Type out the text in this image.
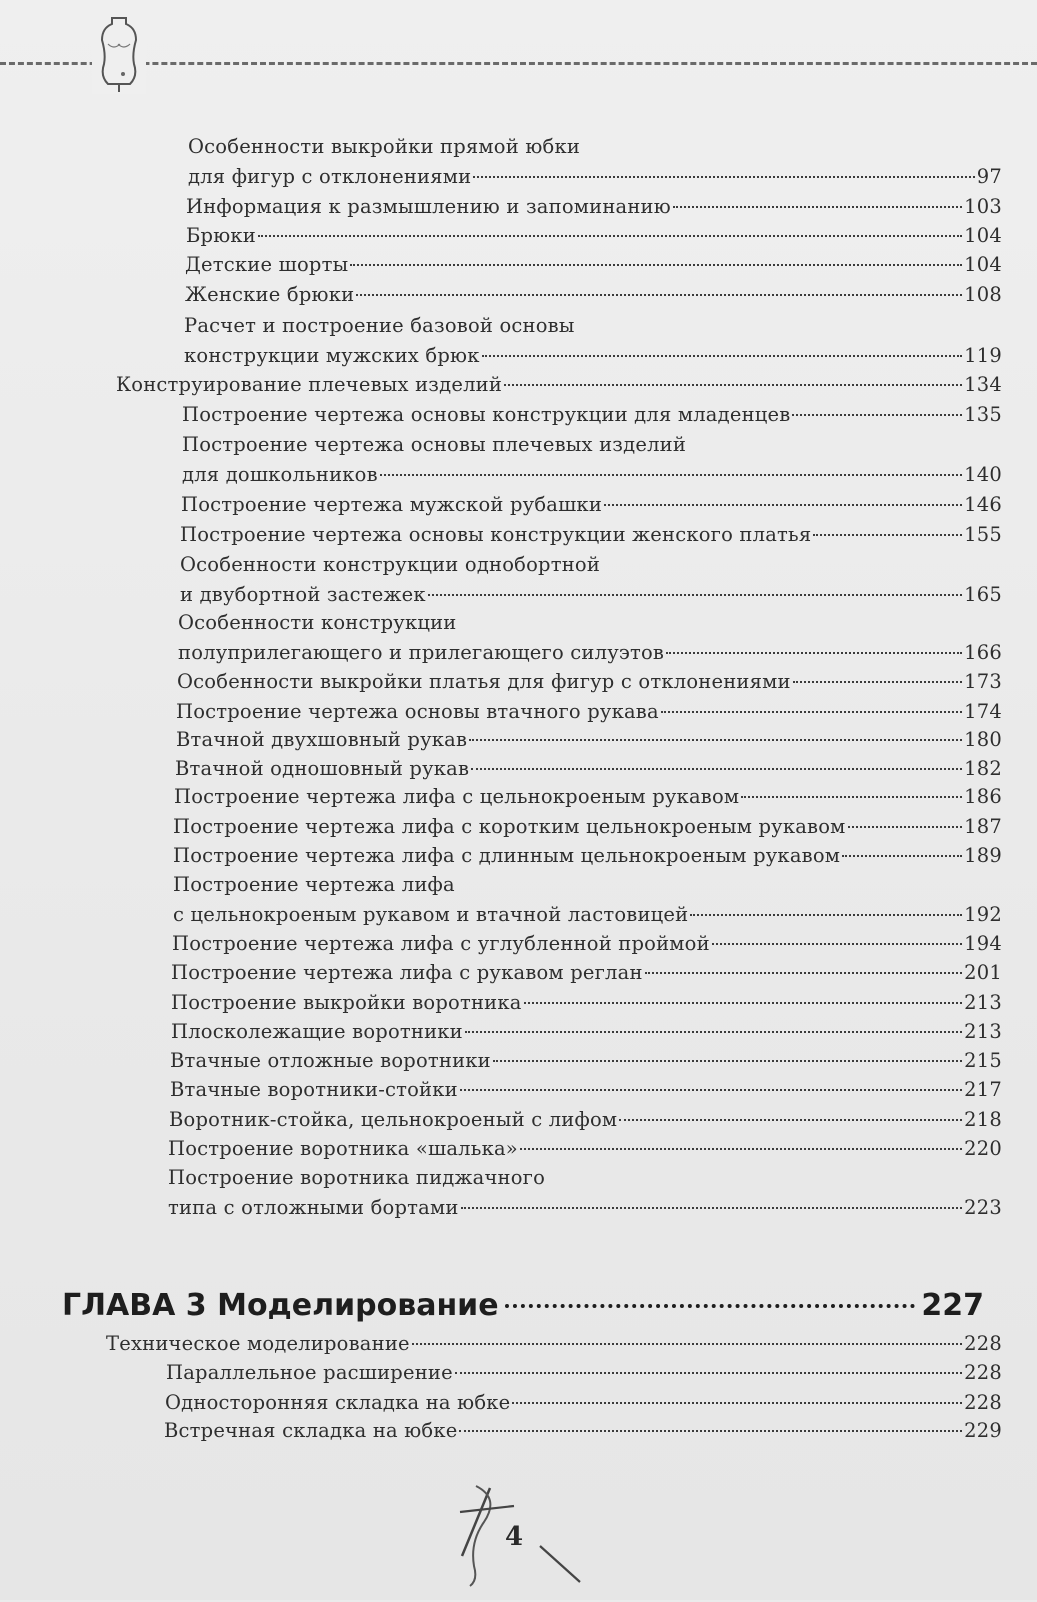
Особенности выкройки прямой юбки
для фигур с отклонениями	97
Информация к размышлению и запоминанию	103
Брюки	104
Детские шорты	104
Женские брюки	108
Расчет и построение базовой основы
конструкции мужских брюк	119
Конструирование плечевых изделий	134
Построение чертежа основы конструкции для младенцев	135
Построение чертежа основы плечевых изделий
для дошкольников	140
Построение чертежа мужской рубашки	146
Построение чертежа основы конструкции женского платья	155
Особенности конструкции однобортной
и двубортной застежек	165
Особенности конструкции
полуприлегающего и прилегающего силуэтов	166
Особенности выкройки платья для фигур с отклонениями	173
Построение чертежа основы втачного рукава	174
Втачной двухшовный рукав	180
Втачной одношовный рукав	182
Построение чертежа лифа с цельнокроеным рукавом	186
Построение чертежа лифа с коротким цельнокроеным рукавом	187
Построение чертежа лифа с длинным цельнокроеным рукавом	189
Построение чертежа лифа
с цельнокроеным рукавом и втачной ластовицей	192
Построение чертежа лифа с углубленной проймой	194
Построение чертежа лифа с рукавом реглан	201
Построение выкройки воротника	213
Плосколежащие воротники	213
Втачные отложные воротники	215
Втачные воротники-стойки	217
Воротник-стойка, цельнокроеный с лифом	218
Построение воротника «шалька»	220
Построение воротника пиджачного
типа с отложными бортами	223
ГЛАВА 3 Моделирование	227
Техническое моделирование	228
Параллельное расширение	228
Односторонняя складка на юбке	228
Встречная складка на юбке	229
4
